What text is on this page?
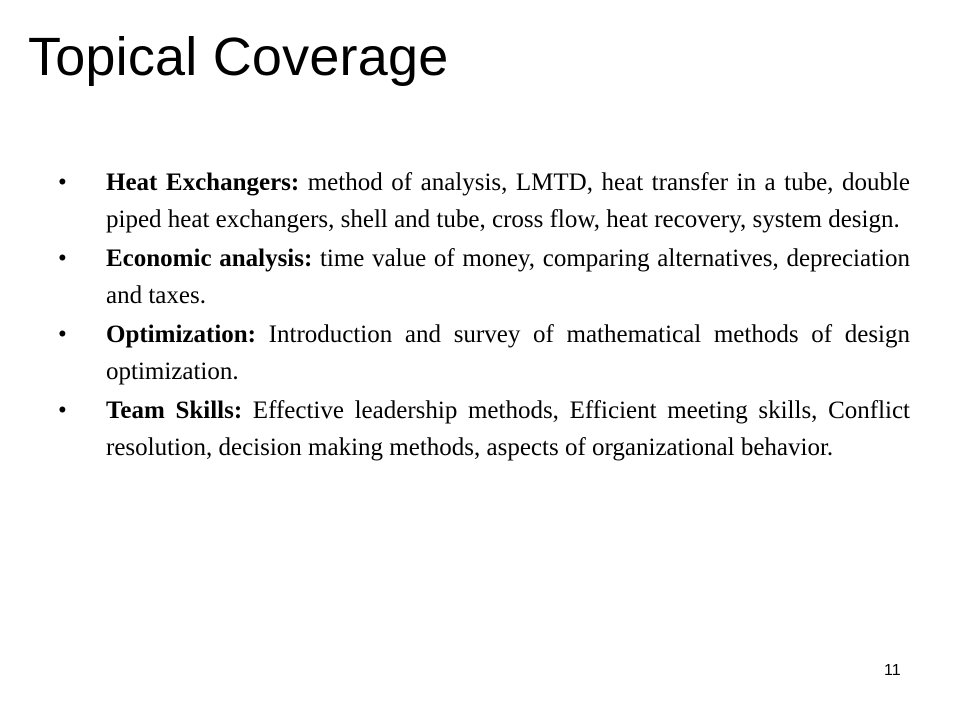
Topical Coverage
• Heat Exchangers: method of analysis, LMTD, heat transfer in a tube, double piped heat exchangers, shell and tube, cross flow, heat recovery, system design.
• Economic analysis: time value of money, comparing alternatives, depreciation and taxes.
• Optimization: Introduction and survey of mathematical methods of design optimization.
• Team Skills: Effective leadership methods, Efficient meeting skills, Conflict resolution, decision making methods, aspects of organizational behavior.
11
